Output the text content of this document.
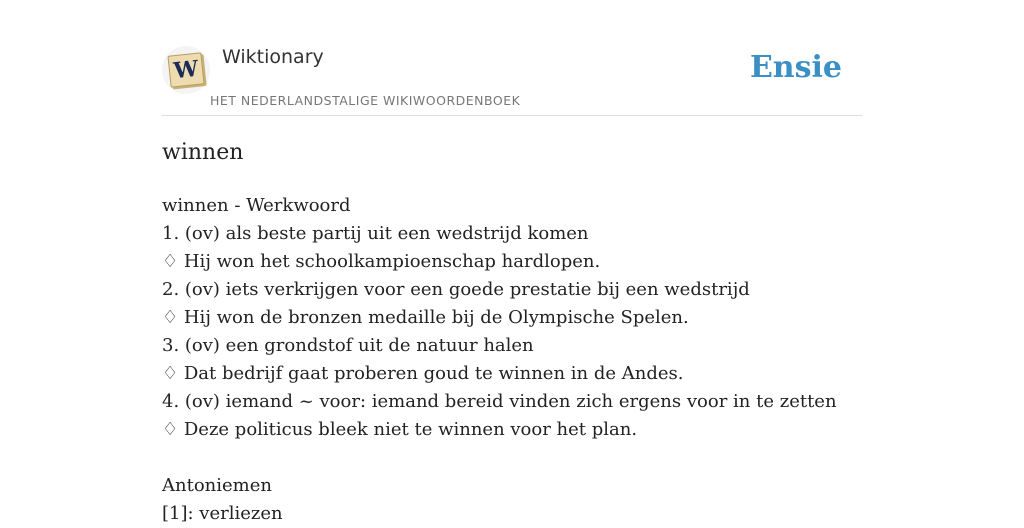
W Wiktionary
HET NEDERLANDSTALIGE WIKIWOORDENBOEK
Ensie
winnen
winnen - Werkwoord
1. (ov) als beste partij uit een wedstrijd komen
♢ Hij won het schoolkampioenschap hardlopen.
2. (ov) iets verkrijgen voor een goede prestatie bij een wedstrijd
♢ Hij won de bronzen medaille bij de Olympische Spelen.
3. (ov) een grondstof uit de natuur halen
♢ Dat bedrijf gaat proberen goud te winnen in de Andes.
4. (ov) iemand ~ voor: iemand bereid vinden zich ergens voor in te zetten
♢ Deze politicus bleek niet te winnen voor het plan.
Antoniemen
[1]: verliezen
